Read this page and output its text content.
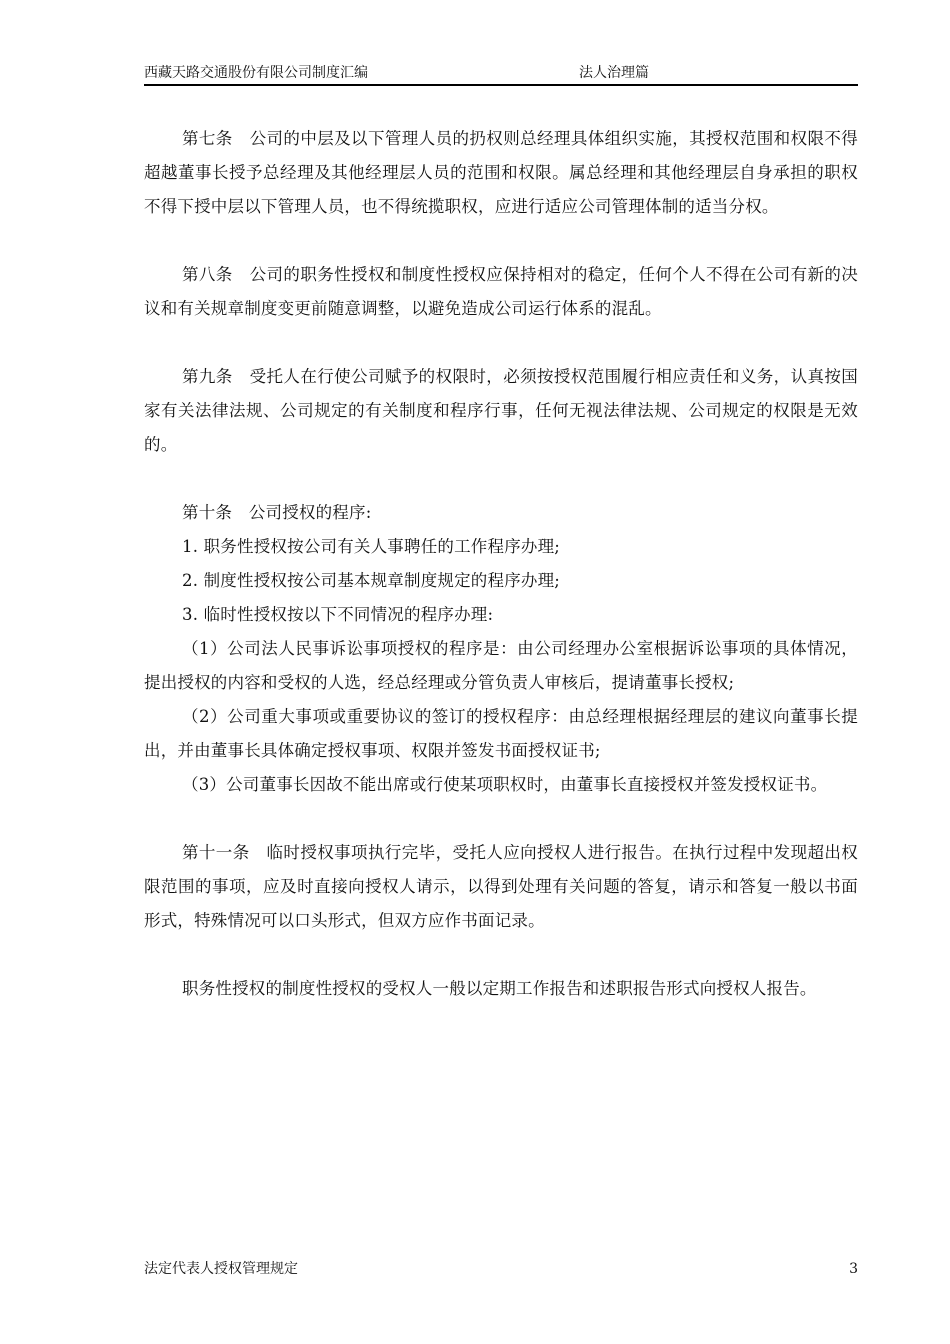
西藏天路交通股份有限公司制度汇编	法人治理篇

第七条　公司的中层及以下管理人员的扔权则总经理具体组织实施，其授权范围和权限不得超越董事长授予总经理及其他经理层人员的范围和权限。属总经理和其他经理层自身承担的职权不得下授中层以下管理人员，也不得统揽职权，应进行适应公司管理体制的适当分权。

第八条　公司的职务性授权和制度性授权应保持相对的稳定，任何个人不得在公司有新的决议和有关规章制度变更前随意调整，以避免造成公司运行体系的混乱。

第九条　受托人在行使公司赋予的权限时，必须按授权范围履行相应责任和义务，认真按国家有关法律法规、公司规定的有关制度和程序行事，任何无视法律法规、公司规定的权限是无效的。

第十条　公司授权的程序:

1. 职务性授权按公司有关人事聘任的工作程序办理;

2. 制度性授权按公司基本规章制度规定的程序办理;

3. 临时性授权按以下不同情况的程序办理:

（1）公司法人民事诉讼事项授权的程序是：由公司经理办公室根据诉讼事项的具体情况，提出授权的内容和受权的人选，经总经理或分管负责人审核后，提请董事长授权;

（2）公司重大事项或重要协议的签订的授权程序：由总经理根据经理层的建议向董事长提出，并由董事长具体确定授权事项、权限并签发书面授权证书;

（3）公司董事长因故不能出席或行使某项职权时，由董事长直接授权并签发授权证书。

第十一条　临时授权事项执行完毕，受托人应向授权人进行报告。在执行过程中发现超出权限范围的事项，应及时直接向授权人请示，以得到处理有关问题的答复，请示和答复一般以书面形式，特殊情况可以口头形式，但双方应作书面记录。

职务性授权的制度性授权的受权人一般以定期工作报告和述职报告形式向授权人报告。

法定代表人授权管理规定	3
